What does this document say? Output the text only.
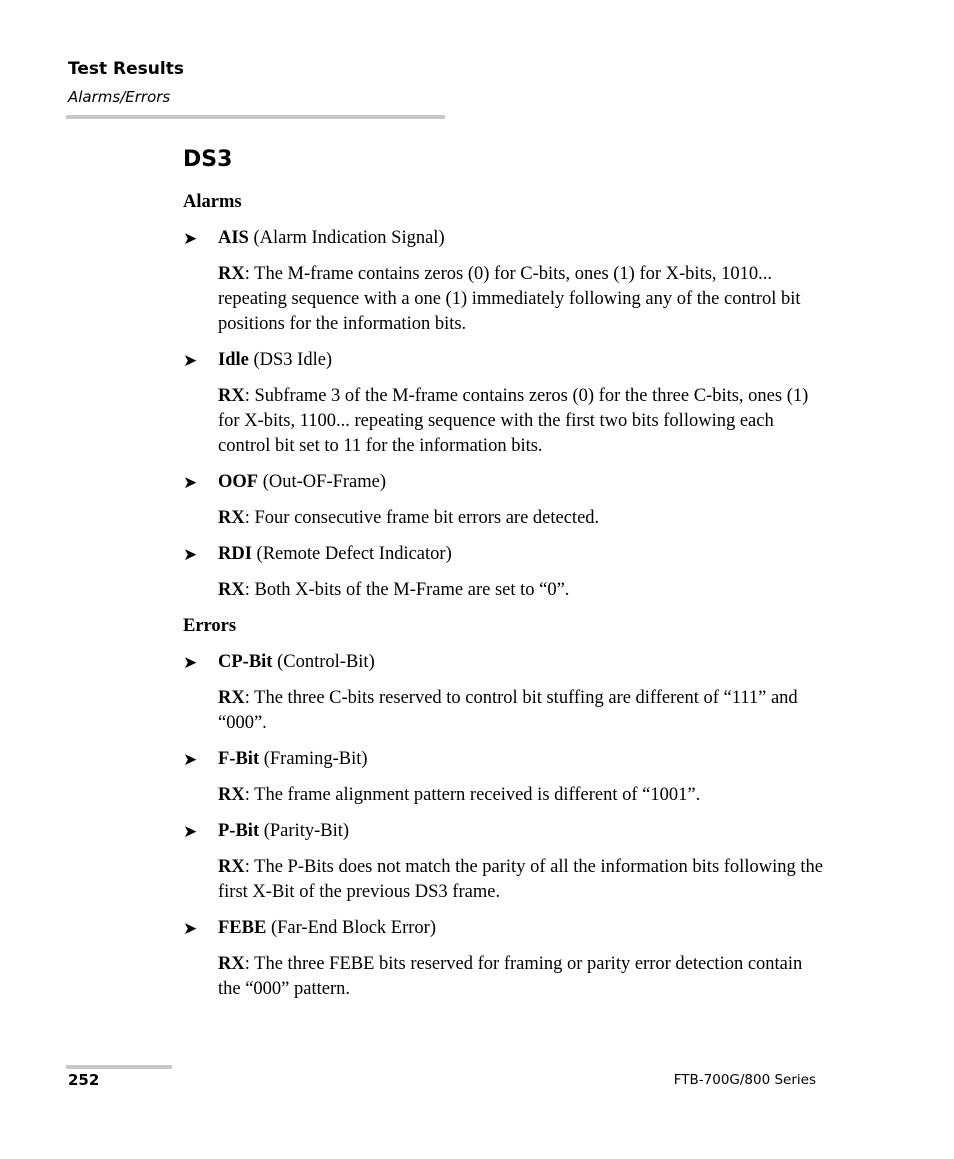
Test Results
Alarms/Errors
DS3
Alarms
➤ AIS (Alarm Indication Signal)
RX: The M-frame contains zeros (0) for C-bits, ones (1) for X-bits, 1010... repeating sequence with a one (1) immediately following any of the control bit positions for the information bits.
➤ Idle (DS3 Idle)
RX: Subframe 3 of the M-frame contains zeros (0) for the three C-bits, ones (1) for X-bits, 1100... repeating sequence with the first two bits following each control bit set to 11 for the information bits.
➤ OOF (Out-OF-Frame)
RX: Four consecutive frame bit errors are detected.
➤ RDI (Remote Defect Indicator)
RX: Both X-bits of the M-Frame are set to “0”.
Errors
➤ CP-Bit (Control-Bit)
RX: The three C-bits reserved to control bit stuffing are different of “111” and “000”.
➤ F-Bit (Framing-Bit)
RX: The frame alignment pattern received is different of “1001”.
➤ P-Bit (Parity-Bit)
RX: The P-Bits does not match the parity of all the information bits following the first X-Bit of the previous DS3 frame.
➤ FEBE (Far-End Block Error)
RX: The three FEBE bits reserved for framing or parity error detection contain the “000” pattern.
252	FTB-700G/800 Series
